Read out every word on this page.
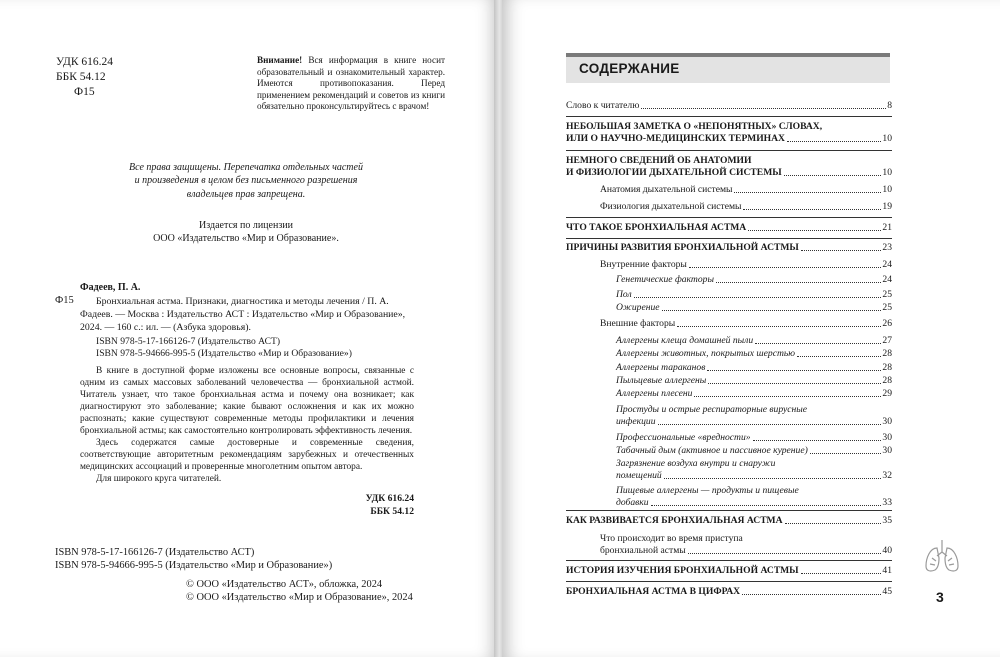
УДК 616.24
ББК 54.12
Ф15
Внимание! Вся информация в книге носит образовательный и ознакомительный характер. Имеются противопоказания. Перед применением рекомендаций и советов из книги обязательно проконсультируйтесь с врачом!
Все права защищены. Перепечатка отдельных частей
и произведения в целом без письменного разрешения
владельцев прав запрещена.
Издается по лицензии
ООО «Издательство «Мир и Образование».
Фадеев, П. А.
Ф15	Бронхиальная астма. Признаки, диагностика и методы лечения / П. А. Фадеев. — Москва : Издательство АСТ : Издательство «Мир и Образование», 2024. — 160 с.: ил. — (Азбука здоровья).
ISBN 978-5-17-166126-7 (Издательство АСТ)
ISBN 978-5-94666-995-5 (Издательство «Мир и Образование»)

В книге в доступной форме изложены все основные вопросы, связанные с одним из самых массовых заболеваний человечества — бронхиальной астмой. Читатель узнает, что такое бронхиальная астма и почему она возникает; как диагностируют это заболевание; какие бывают осложнения и как их можно распознать; какие существуют современные методы профилактики и лечения бронхиальной астмы; как самостоятельно контролировать эффективность лечения.

Здесь содержатся самые достоверные и современные сведения, соответствующие авторитетным рекомендациям зарубежных и отечественных медицинских ассоциаций и проверенные многолетним опытом автора.

Для широкого круга читателей.

УДК 616.24
ББК 54.12
ISBN 978-5-17-166126-7 (Издательство АСТ)
ISBN 978-5-94666-995-5 (Издательство «Мир и Образование»)
© ООО «Издательство АСТ», обложка, 2024
© ООО «Издательство «Мир и Образование», 2024
СОДЕРЖАНИЕ
Слово к читателю	8
НЕБОЛЬШАЯ ЗАМЕТКА О «НЕПОНЯТНЫХ» СЛОВАХ,
ИЛИ О НАУЧНО-МЕДИЦИНСКИХ ТЕРМИНАХ	10
НЕМНОГО СВЕДЕНИЙ ОБ АНАТОМИИ
И ФИЗИОЛОГИИ ДЫХАТЕЛЬНОЙ СИСТЕМЫ	10
Анатомия дыхательной системы	10
Физиология дыхательной системы	19
ЧТО ТАКОЕ БРОНХИАЛЬНАЯ АСТМА	21
ПРИЧИНЫ РАЗВИТИЯ БРОНХИАЛЬНОЙ АСТМЫ	23
Внутренние факторы	24
Генетические факторы	24
Пол	25
Ожирение	25
Внешние факторы	26
Аллергены клеща домашней пыли	27
Аллергены животных, покрытых шерстью	28
Аллергены тараканов	28
Пыльцевые аллергены	28
Аллергены плесени	29
Простуды и острые респираторные вирусные
инфекции	30
Профессиональные «вредности»	30
Табачный дым (активное и пассивное курение)	30
Загрязнение воздуха внутри и снаружи
помещений	32
Пищевые аллергены — продукты и пищевые
добавки	33
КАК РАЗВИВАЕТСЯ БРОНХИАЛЬНАЯ АСТМА	35
Что происходит во время приступа
бронхиальной астмы	40
ИСТОРИЯ ИЗУЧЕНИЯ БРОНХИАЛЬНОЙ АСТМЫ	41
БРОНХИАЛЬНАЯ АСТМА В ЦИФРАХ	45	3
